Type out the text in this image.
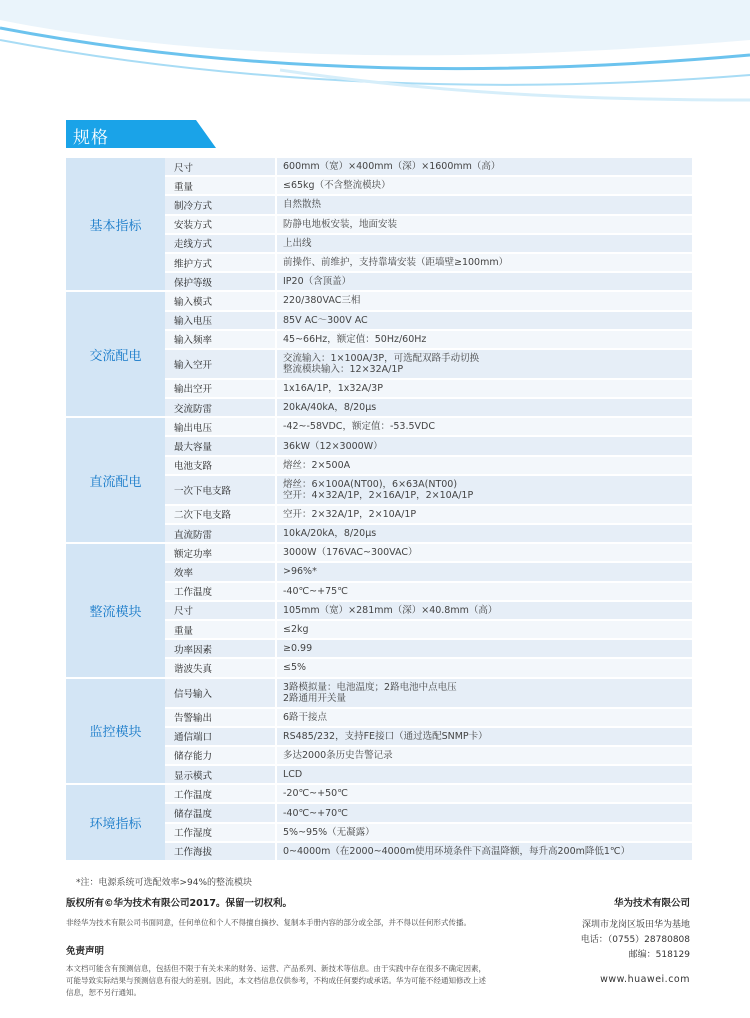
规格
基本指标	尺寸	600mm（宽）×400mm（深）×1600mm（高）

	重量	≤65kg（不含整流模块）

	制冷方式	自然散热

	安装方式	防静电地板安装，地面安装

	走线方式	上出线

	维护方式	前操作、前维护，支持靠墙安装（距墙壁≥100mm）

	保护等级	IP20（含顶盖）

交流配电	输入模式	220/380VAC三相

	输入电压	85V AC～300V AC

	输入频率	45~66Hz，额定值：50Hz/60Hz

	输入空开	交流输入：1×100A/3P，可选配双路手动切换
整流模块输入：12×32A/1P

	输出空开	1x16A/1P，1x32A/3P

	交流防雷	20kA/40kA，8/20μs

直流配电	输出电压	-42~-58VDC，额定值：-53.5VDC

	最大容量	36kW（12×3000W）

	电池支路	熔丝：2×500A

	一次下电支路	熔丝：6×100A(NT00)，6×63A(NT00)
空开：4×32A/1P，2×16A/1P，2×10A/1P

	二次下电支路	空开：2×32A/1P，2×10A/1P

	直流防雷	10kA/20kA，8/20μs

整流模块	额定功率	3000W（176VAC~300VAC）

	效率	>96%*

	工作温度	-40℃~+75℃

	尺寸	105mm（宽）×281mm（深）×40.8mm（高）

	重量	≤2kg

	功率因素	≥0.99

	谐波失真	≤5%

监控模块	信号输入	3路模拟量：电池温度；2路电池中点电压
2路通用开关量

	告警输出	6路干接点

	通信端口	RS485/232，支持FE接口（通过选配SNMP卡）

	储存能力	多达2000条历史告警记录

	显示模式	LCD

环境指标	工作温度	-20℃~+50℃

	储存温度	-40℃~+70℃

	工作湿度	5%~95%（无凝露）

	工作海拔	0~4000m（在2000~4000m使用环境条件下高温降额，每升高200m降低1℃）
*注：电源系统可选配效率>94%的整流模块
版权所有©华为技术有限公司2017。保留一切权利。
非经华为技术有限公司书面同意，任何单位和个人不得擅自摘抄、复制本手册内容的部分或全部，并不得以任何形式传播。
免责声明
本文档可能含有预测信息，包括但不限于有关未来的财务、运营、产品系列、新技术等信息。由于实践中存在很多不确定因素，
可能导致实际结果与预测信息有很大的差别。因此，本文档信息仅供参考，不构成任何要约或承诺。华为可能不经通知修改上述
信息，恕不另行通知。
华为技术有限公司
深圳市龙岗区坂田华为基地
电话：（0755）28780808
邮编：518129
www.huawei.com
